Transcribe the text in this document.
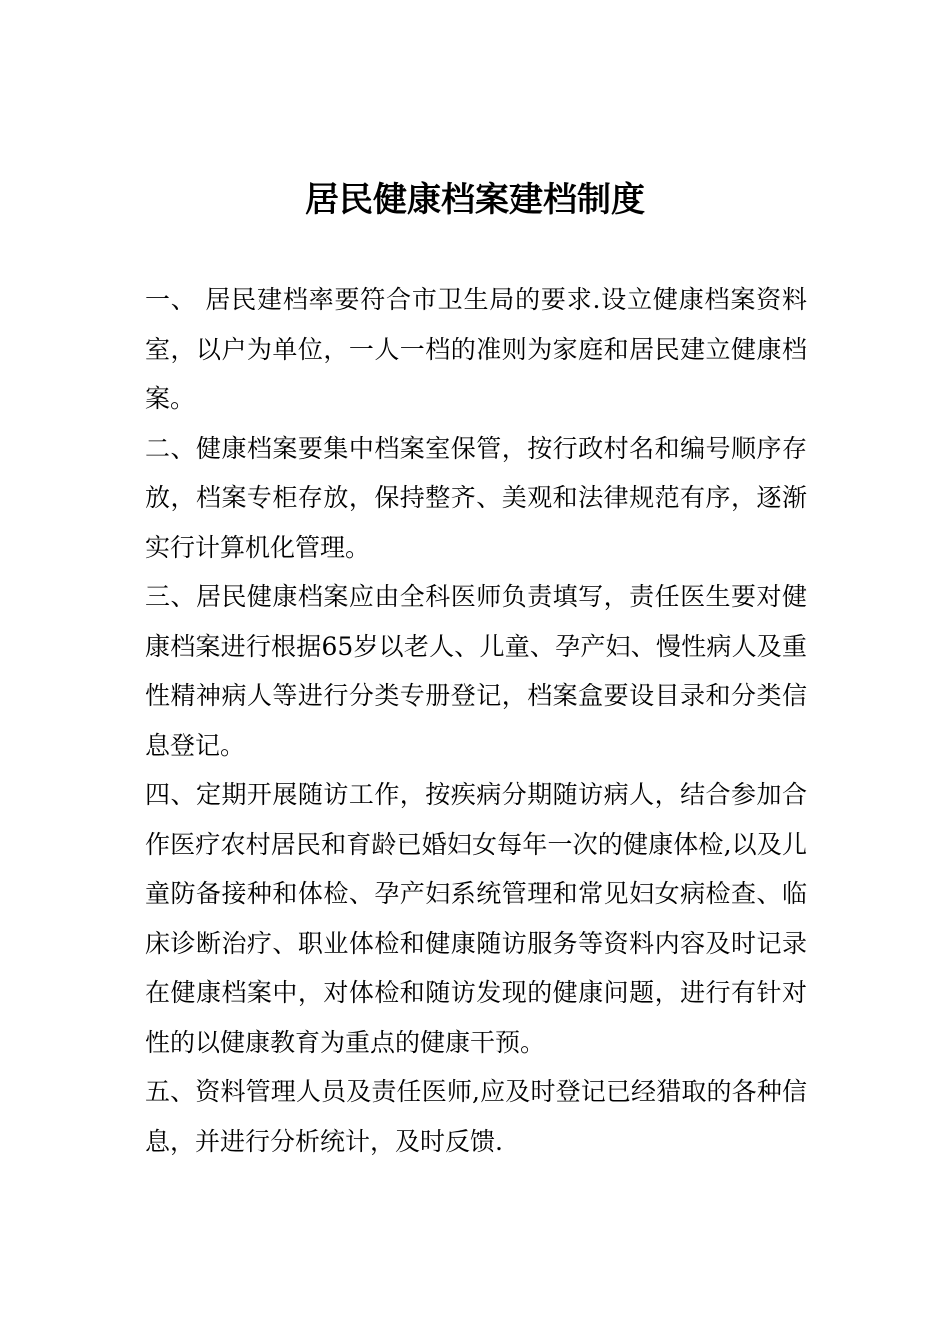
居民健康档案建档制度

一、 居民建档率要符合市卫生局的要求.设立健康档案资料室，以户为单位，一人一档的准则为家庭和居民建立健康档案。

二、健康档案要集中档案室保管，按行政村名和编号顺序存放，档案专柜存放，保持整齐、美观和法律规范有序，逐渐实行计算机化管理。

三、居民健康档案应由全科医师负责填写，责任医生要对健康档案进行根据65岁以老人、儿童、孕产妇、慢性病人及重性精神病人等进行分类专册登记，档案盒要设目录和分类信息登记。

四、定期开展随访工作，按疾病分期随访病人，结合参加合作医疗农村居民和育龄已婚妇女每年一次的健康体检,以及儿童防备接种和体检、孕产妇系统管理和常见妇女病检查、临床诊断治疗、职业体检和健康随访服务等资料内容及时记录在健康档案中，对体检和随访发现的健康问题，进行有针对性的以健康教育为重点的健康干预。

五、资料管理人员及责任医师,应及时登记已经猎取的各种信息，并进行分析统计，及时反馈.
